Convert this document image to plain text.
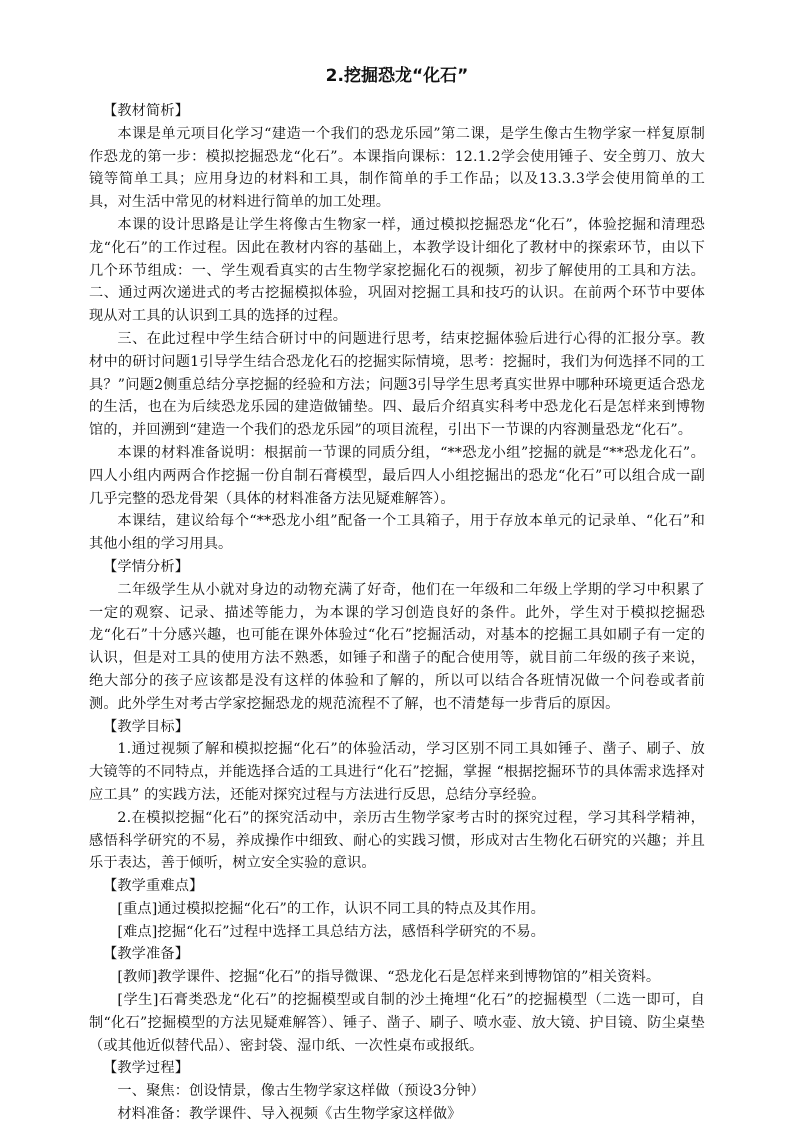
2.挖掘恐龙“化石”

【教材简析】

本课是单元项目化学习“建造一个我们的恐龙乐园”第二课，是学生像古生物学家一样复原制作恐龙的第一步：模拟挖掘恐龙“化石”。本课指向课标：12.1.2学会使用锤子、安全剪刀、放大镜等简单工具；应用身边的材料和工具，制作简单的手工作品；以及13.3.3学会使用简单的工具，对生活中常见的材料进行简单的加工处理。

本课的设计思路是让学生将像古生物家一样，通过模拟挖掘恐龙“化石”，体验挖掘和清理恐龙“化石”的工作过程。因此在教材内容的基础上，本教学设计细化了教材中的探索环节，由以下几个环节组成：一、学生观看真实的古生物学家挖掘化石的视频，初步了解使用的工具和方法。二、通过两次递进式的考古挖掘模拟体验，巩固对挖掘工具和技巧的认识。在前两个环节中要体现从对工具的认识到工具的选择的过程。

三、在此过程中学生结合研讨中的问题进行思考，结束挖掘体验后进行心得的汇报分享。教材中的研讨问题1引导学生结合恐龙化石的挖掘实际情境，思考：挖掘时，我们为何选择不同的工具？”问题2侧重总结分享挖掘的经验和方法；问题3引导学生思考真实世界中哪种环境更适合恐龙的生活，也在为后续恐龙乐园的建造做铺垫。四、最后介绍真实科考中恐龙化石是怎样来到博物馆的，并回溯到“建造一个我们的恐龙乐园”的项目流程，引出下一节课的内容测量恐龙“化石”。

本课的材料准备说明：根据前一节课的同质分组，“**恐龙小组”挖掘的就是“**恐龙化石”。四人小组内两两合作挖掘一份自制石膏模型，最后四人小组挖掘出的恐龙“化石”可以组合成一副几乎完整的恐龙骨架（具体的材料准备方法见疑难解答）。

本课结，建议给每个“**恐龙小组”配备一个工具箱子，用于存放本单元的记录单、“化石”和其他小组的学习用具。

【学情分析】

二年级学生从小就对身边的动物充满了好奇，他们在一年级和二年级上学期的学习中积累了一定的观察、记录、描述等能力，为本课的学习创造良好的条件。此外，学生对于模拟挖掘恐龙“化石”十分感兴趣，也可能在课外体验过“化石”挖掘活动，对基本的挖掘工具如刷子有一定的认识，但是对工具的使用方法不熟悉，如锤子和凿子的配合使用等，就目前二年级的孩子来说，绝大部分的孩子应该都是没有这样的体验和了解的，所以可以结合各班情况做一个问卷或者前测。此外学生对考古学家挖掘恐龙的规范流程不了解，也不清楚每一步背后的原因。

【教学目标】

1.通过视频了解和模拟挖掘“化石”的体验活动，学习区别不同工具如锤子、凿子、刷子、放大镜等的不同特点，并能选择合适的工具进行“化石”挖掘，掌握 “根据挖掘环节的具体需求选择对应工具” 的实践方法，还能对探究过程与方法进行反思，总结分享经验。

2.在模拟挖掘“化石”的探究活动中，亲历古生物学家考古时的探究过程，学习其科学精神，感悟科学研究的不易，养成操作中细致、耐心的实践习惯，形成对古生物化石研究的兴趣；并且乐于表达，善于倾听，树立安全实验的意识。

【教学重难点】

[重点]通过模拟挖掘“化石”的工作，认识不同工具的特点及其作用。

[难点]挖掘“化石”过程中选择工具总结方法，感悟科学研究的不易。

【教学准备】

[教师]教学课件、挖掘“化石”的指导微课、“恐龙化石是怎样来到博物馆的”相关资料。

[学生]石膏类恐龙“化石”的挖掘模型或自制的沙土掩埋“化石”的挖掘模型（二选一即可，自制“化石”挖掘模型的方法见疑难解答）、锤子、凿子、刷子、喷水壶、放大镜、护目镜、防尘桌垫（或其他近似替代品）、密封袋、湿巾纸、一次性桌布或报纸。

【教学过程】

一、聚焦：创设情景，像古生物学家这样做（预设3分钟）

材料准备：教学课件、导入视频《古生物学家这样做》
